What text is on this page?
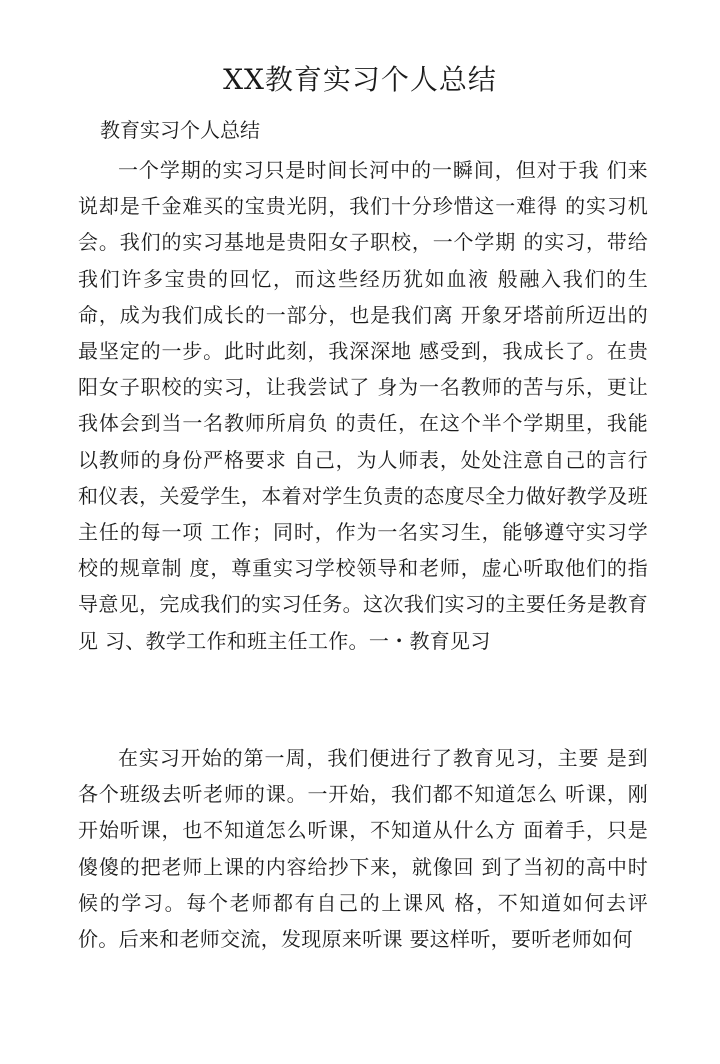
XX教育实习个人总结

教育实习个人总结

一个学期的实习只是时间长河中的一瞬间，但对于我 们来说却是千金难买的宝贵光阴，我们十分珍惜这一难得 的实习机会。我们的实习基地是贵阳女子职校，一个学期 的实习，带给我们许多宝贵的回忆，而这些经历犹如血液 般融入我们的生命，成为我们成长的一部分，也是我们离 开象牙塔前所迈出的最坚定的一步。此时此刻，我深深地 感受到，我成长了。在贵阳女子职校的实习，让我尝试了 身为一名教师的苦与乐，更让我体会到当一名教师所肩负 的责任，在这个半个学期里，我能以教师的身份严格要求 自己，为人师表，处处注意自己的言行和仪表，关爱学生，本着对学生负责的态度尽全力做好教学及班主任的每一项 工作；同时，作为一名实习生，能够遵守实习学校的规章制 度，尊重实习学校领导和老师，虚心听取他们的指导意见，完成我们的实习任务。这次我们实习的主要任务是教育见 习、教学工作和班主任工作。一・教育见习

在实习开始的第一周，我们便进行了教育见习，主要 是到各个班级去听老师的课。一开始，我们都不知道怎么 听课，刚开始听课，也不知道怎么听课，不知道从什么方 面着手，只是傻傻的把老师上课的内容给抄下来，就像回 到了当初的高中时候的学习。每个老师都有自己的上课风 格，不知道如何去评价。后来和老师交流，发现原来听课 要这样听，要听老师如何
